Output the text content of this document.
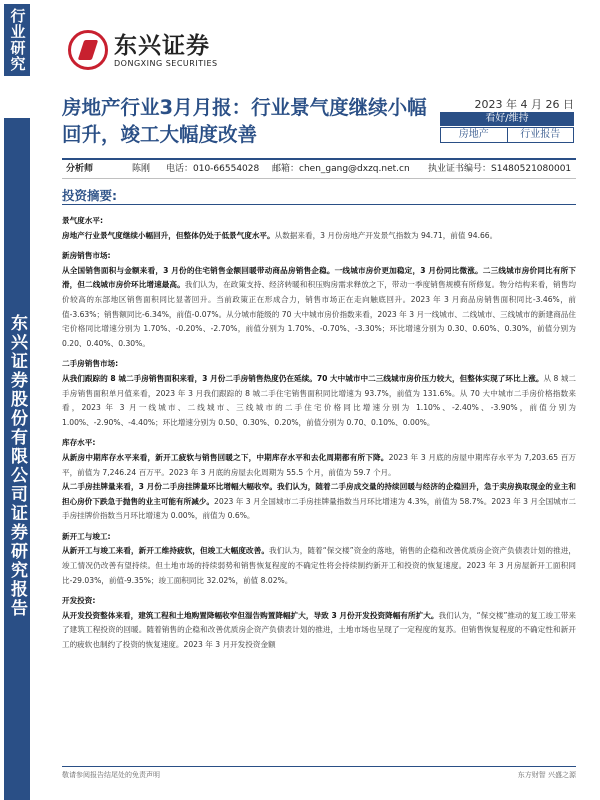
行业研究
东兴证券股份有限公司证券研究报告
东兴证券
DONGXING SECURITIES
房地产行业3月月报：行业景气度继续小幅回升，竣工大幅度改善
2023 年 4 月 26 日
看好/维持
房地产	行业报告
分析师	陈刚 电话：010-66554028 邮箱：chen_gang@dxzq.net.cn 执业证书编号：S1480521080001
投资摘要:
景气度水平:
房地产行业景气度继续小幅回升，但整体仍处于低景气度水平。从数据来看，3 月份房地产开发景气指数为 94.71，前值 94.66。
新房销售市场:
从全国销售面积与金额来看，3 月份的住宅销售金额回暖带动商品房销售企稳。一线城市房价更加稳定，3 月份同比微涨。二三线城市房价同比有所下滑，但二线城市房价环比增速最高。我们认为，在政策支持、经济转暖和积压购房需求释放之下，带动一季度销售规模有所修复。物分结构来看，销售均价较高的东部地区销售面积同比显著回升。当前政策正在形成合力，销售市场正在走向触底回升。2023 年 3 月商品房销售面积同比-3.46%，前值-3.63%；销售额同比-6.34%，前值-0.07%。从分城市能级的 70 大中城市房价指数来看，2023 年 3 月一线城市、二线城市、三线城市的新建商品住宅价格同比增速分别为 1.70%、-0.20%、-2.70%，前值分别为 1.70%、-0.70%、-3.30%；环比增速分别为 0.30、0.60%、0.30%，前值分别为 0.20、0.40%、0.30%。
二手房销售市场:
从我们跟踪的 8 城二手房销售面积来看，3 月份二手房销售热度仍在延续。70 大中城市中二三线城市房价压力较大，但整体实现了环比上涨。从 8 城二手房销售面积单月值来看，2023 年 3 月我们跟踪的 8 城二手住宅销售面积同比增速为 93.7%，前值为 131.6%。从 70 大中城市二手房价格指数来看，2023 年 3 月一线城市、二线城市、三线城市的二手住宅价格同比增速分别为 1.10%、-2.40%、-3.90%，前值分别为 1.00%、-2.90%、-4.40%；环比增速分别为 0.50、0.30%、0.20%，前值分别为 0.70、0.10%、0.00%。
库存水平:
从新房中期库存水平来看，新开工疲软与销售回暖之下，中期库存水平和去化周期都有所下降。2023 年 3 月底的房屋中期库存水平为 7,203.65 百万平，前值为 7,246.24 百万平。2023 年 3 月底的房屋去化周期为 55.5 个月，前值为 59.7 个月。
从二手房挂牌量来看，3 月份二手房挂牌量环比增幅大幅收窄。我们认为，随着二手房成交量的持续回暖与经济的企稳回升，急于卖房换取现金的业主和担心房价下跌急于抛售的业主可能有所减少。2023 年 3 月全国城市二手房挂牌量指数当月环比增速为 4.3%，前值为 58.7%。2023 年 3 月全国城市二手房挂牌价指数当月环比增速为 0.00%，前值为 0.6%。
新开工与竣工:
从新开工与竣工来看，新开工维持疲软，但竣工大幅度改善。我们认为，随着“保交楼”资金的落地，销售的企稳和改善优质房企资产负债表计划的推进，竣工情况仍改善有望持续。但土地市场的持续弱势和销售恢复程度的不确定性将会持续制约新开工和投资的恢复速度。2023 年 3 月房屋新开工面积同比-29.03%，前值-9.35%；竣工面积同比 32.02%，前值 8.02%。
开发投资:
从开发投资整体来看，建筑工程和土地购置降幅收窄但湿告购置降幅扩大，导致 3 月份开发投资降幅有所扩大。我们认为，“保交楼”推动的复工竣工带来了建筑工程投资的回暖。随着销售的企稳和改善优质房企资产负债表计划的推进，土地市场也呈现了一定程度的复苏。但销售恢复程度的不确定性和新开工的疲软也制约了投资的恢复速度。2023 年 3 月开发投资金额
敬请参阅报告结尾处的免责声明	东方财智 兴盛之源
